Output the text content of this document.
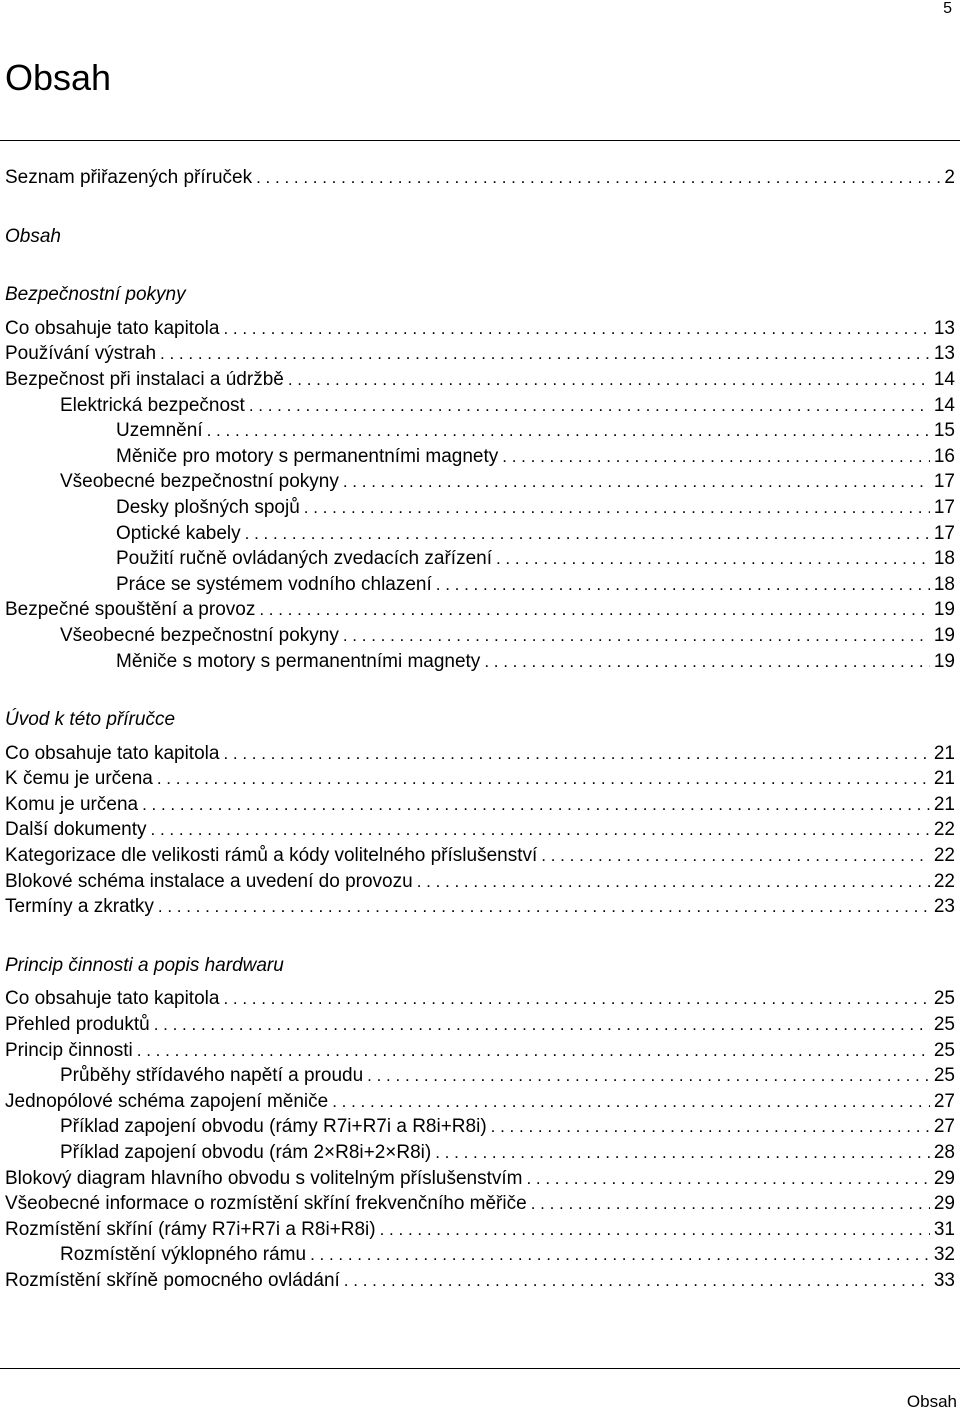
5
Obsah
Seznam přiřazených příruček . . .	2
Obsah
Bezpečnostní pokyny
Co obsahuje tato kapitola . . .	13
Používání výstrah . . .	13
Bezpečnost při instalaci a údržbě . . .	14
Elektrická bezpečnost . . .	14
Uzemnění . . .	15
Měniče pro motory s permanentními magnety . . .	16
Všeobecné bezpečnostní pokyny . . .	17
Desky plošných spojů . . .	17
Optické kabely . . .	17
Použití ručně ovládaných zvedacích zařízení . . .	18
Práce se systémem vodního chlazení . . .	18
Bezpečné spouštění a provoz . . .	19
Všeobecné bezpečnostní pokyny . . .	19
Měniče s motory s permanentními magnety . . .	19
Úvod k této příručce
Co obsahuje tato kapitola . . .	21
K čemu je určena . . .	21
Komu je určena . . .	21
Další dokumenty . . .	22
Kategorizace dle velikosti rámů a kódy volitelného příslušenství . . .	22
Blokové schéma instalace a uvedení do provozu . . .	22
Termíny a zkratky . . .	23
Princip činnosti a popis hardwaru
Co obsahuje tato kapitola . . .	25
Přehled produktů . . .	25
Princip činnosti . . .	25
Průběhy střídavého napětí a proudu . . .	25
Jednopólové schéma zapojení měniče . . .	27
Příklad zapojení obvodu (rámy R7i+R7i a R8i+R8i) . . .	27
Příklad zapojení obvodu (rám 2×R8i+2×R8i) . . .	28
Blokový diagram hlavního obvodu s volitelným příslušenstvím . . .	29
Všeobecné informace o rozmístění skříní frekvenčního měřiče . . .	29
Rozmístění skříní (rámy R7i+R7i a R8i+R8i) . . .	31
Rozmístění výklopného rámu . . .	32
Rozmístění skříně pomocného ovládání . . .	33
Obsah
